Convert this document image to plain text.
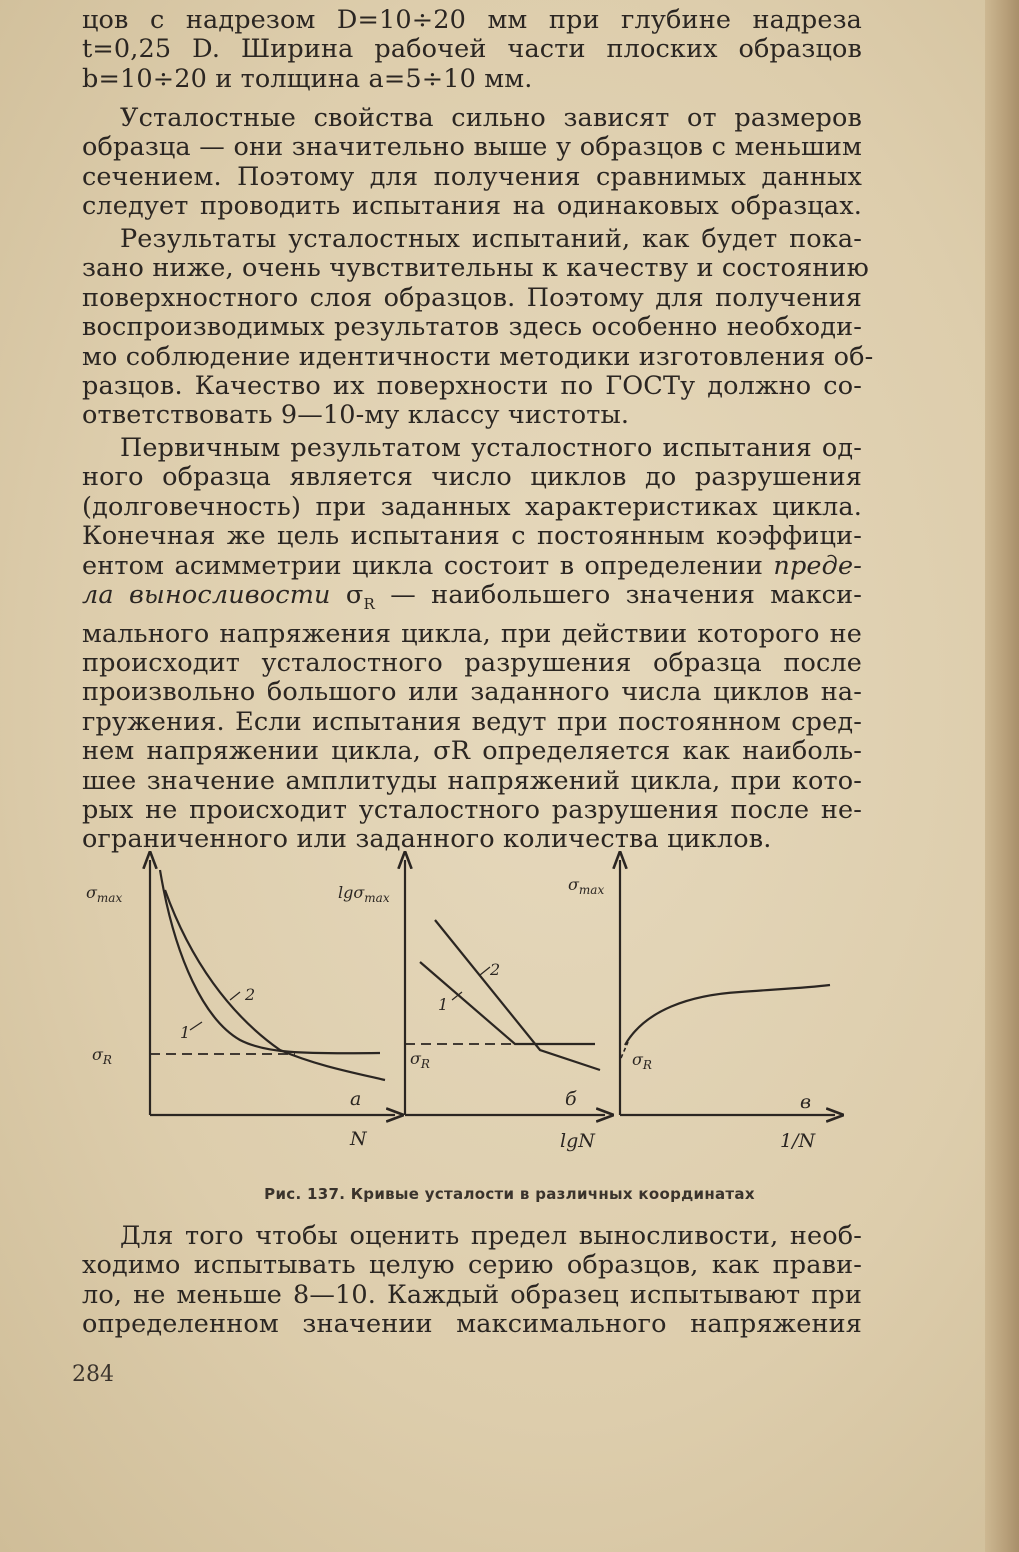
цов с надрезом D=10÷20 мм при глубине надреза
t=0,25 D. Ширина рабочей части плоских образцов
b=10÷20 и толщина a=5÷10 мм.
Усталостные свойства сильно зависят от размеров
образца — они значительно выше у образцов с меньшим
сечением. Поэтому для получения сравнимых данных
следует проводить испытания на одинаковых образцах.
Результаты усталостных испытаний, как будет пока-
зано ниже, очень чувствительны к качеству и состоянию
поверхностного слоя образцов. Поэтому для получения
воспроизводимых результатов здесь особенно необходи-
мо соблюдение идентичности методики изготовления об-
разцов. Качество их поверхности по ГОСТу должно со-
ответствовать 9—10-му классу чистоты.
Первичным результатом усталостного испытания од-
ного образца является число циклов до разрушения
(долговечность) при заданных характеристиках цикла.
Конечная же цель испытания с постоянным коэффици-
ентом асимметрии цикла состоит в определении преде-
ла выносливости $\sigma_R$ — наибольшего значения макси-
мального напряжения цикла, при действии которого не
происходит усталостного разрушения образца после
произвольно большого или заданного числа циклов на-
гружения. Если испытания ведут при постоянном сред-
нем напряжении цикла, σR определяется как наиболь-
шее значение амплитуды напряжений цикла, при кото-
рых не происходит усталостного разрушения после не-
ограниченного или заданного количества циклов.
$\sigma_{max}$
$\sigma_R$
1
2
а
N
lgσ$_{max}$
$\sigma_R$
1
2
б
lgN
$\sigma_{max}$
$\sigma_R$
в
1/N
Рис. 137. Кривые усталости в различных координатах
Для того чтобы оценить предел выносливости, необ-
ходимо испытывать целую серию образцов, как прави-
ло, не меньше 8—10. Каждый образец испытывают при
определенном значении максимального напряжения
284
